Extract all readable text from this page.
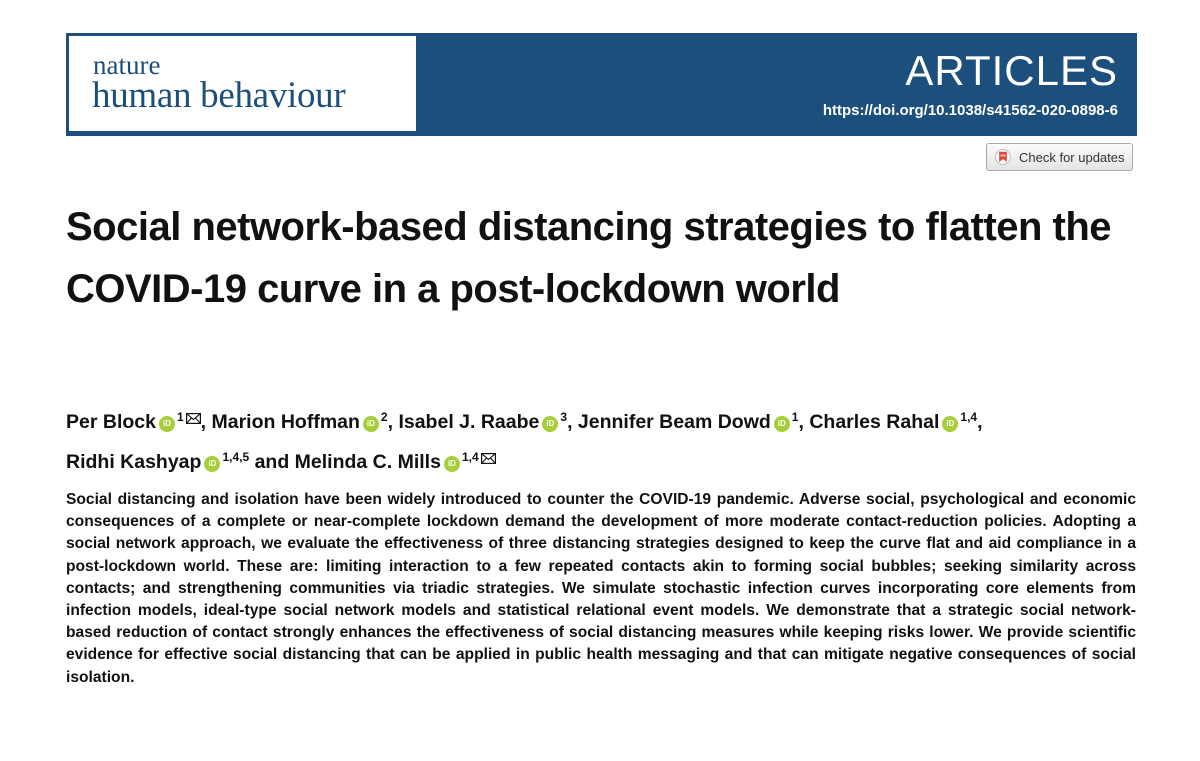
nature
human behaviour
ARTICLES
https://doi.org/10.1038/s41562-020-0898-6
Check for updates
Social network-based distancing strategies to flatten the COVID-19 curve in a post-lockdown world
Per Block iD $^1$ , Marion Hoffman iD $^2$, Isabel J. Raabe iD $^3$, Jennifer Beam Dowd iD $^1$, Charles Rahal iD $^{1,4}$,
Ridhi Kashyap iD $^{1,4,5}$ and Melinda C. Mills iD $^{1,4}$

Social distancing and isolation have been widely introduced to counter the COVID-19 pandemic. Adverse social, psychological and economic consequences of a complete or near-complete lockdown demand the development of more moderate contact-reduction policies. Adopting a social network approach, we evaluate the effectiveness of three distancing strategies designed to keep the curve flat and aid compliance in a post-lockdown world. These are: limiting interaction to a few repeated contacts akin to forming social bubbles; seeking similarity across contacts; and strengthening communities via triadic strategies. We simulate stochastic infection curves incorporating core elements from infection models, ideal-type social network models and statistical relational event models. We demonstrate that a strategic social network-based reduction of contact strongly enhances the effectiveness of social distancing measures while keeping risks lower. We provide scientific evidence for effective social distancing that can be applied in public health messaging and that can mitigate negative consequences of social isolation.
